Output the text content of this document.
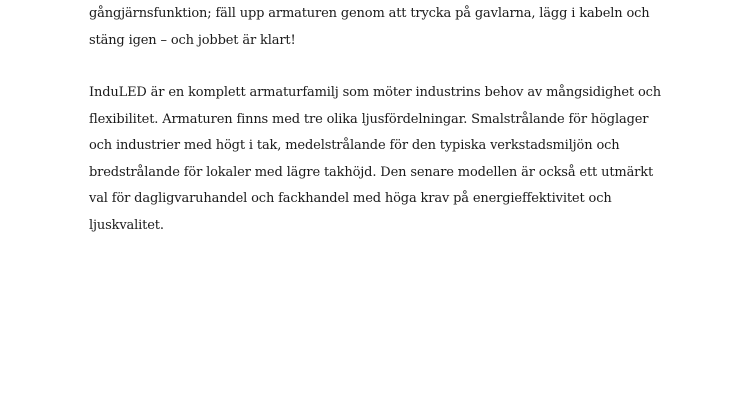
gångjärnsfunktion; fäll upp armaturen genom att trycka på gavlarna, lägg i kabeln och
stäng igen – och jobbet är klart!
InduLED är en komplett armaturfamilj som möter industrins behov av mångsidighet och
flexibilitet. Armaturen finns med tre olika ljusfördelningar. Smalstrålande för höglager
och industrier med högt i tak, medelstrålande för den typiska verkstadsmiljön och
bredstrålande för lokaler med lägre takhöjd. Den senare modellen är också ett utmärkt
val för dagligvaruhandel och fackhandel med höga krav på energieffektivitet och
ljuskvalitet.
